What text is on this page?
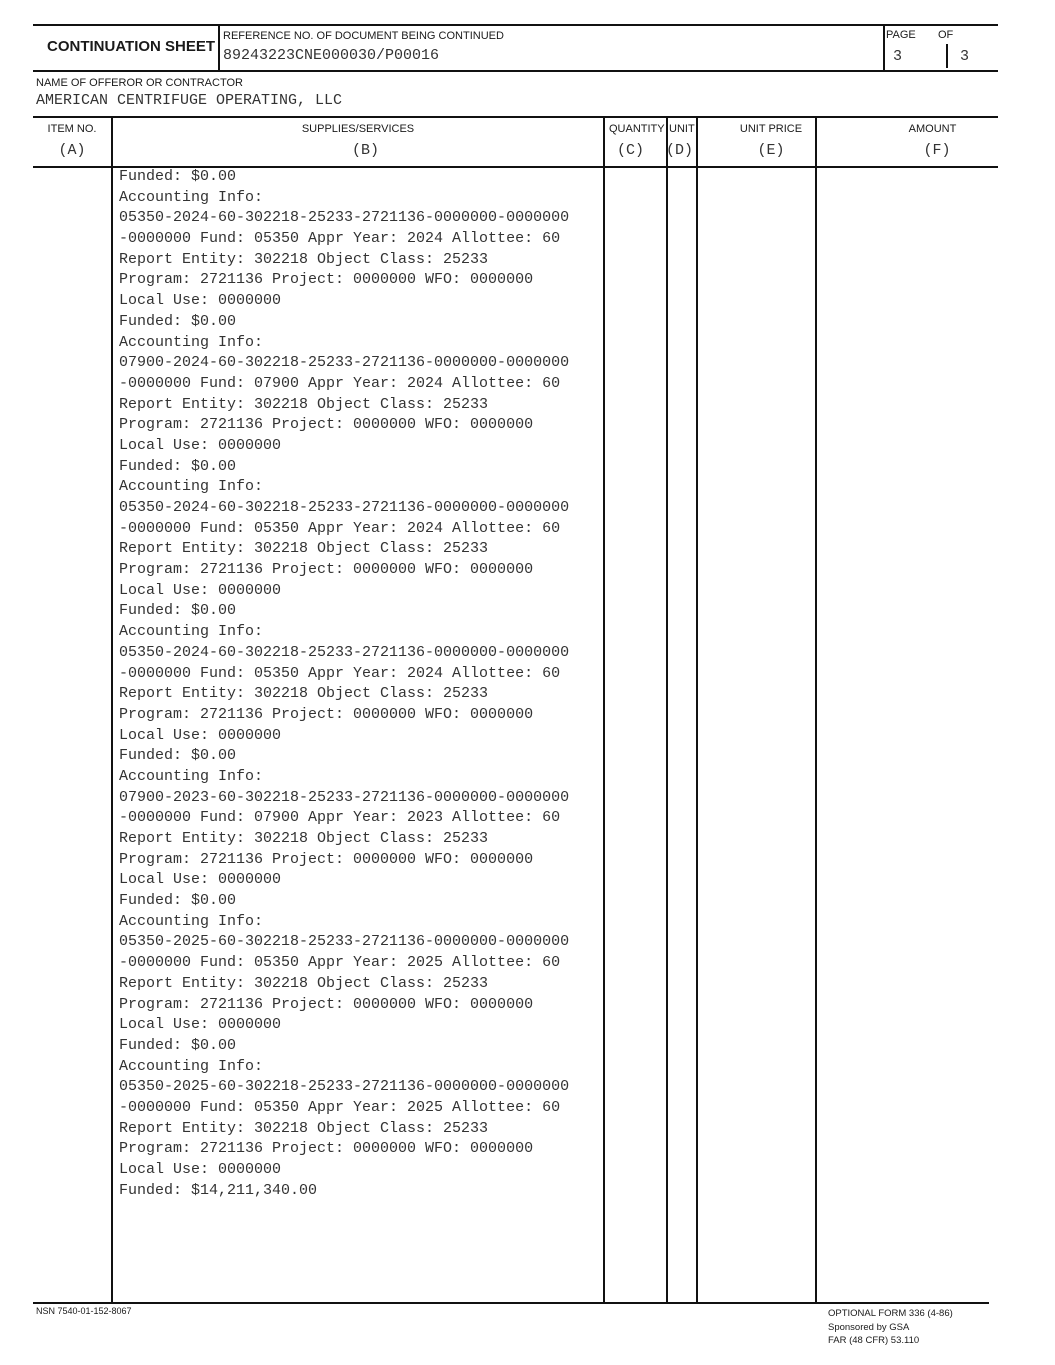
CONTINUATION SHEET
REFERENCE NO. OF DOCUMENT BEING CONTINUED
89243223CNE000030/P00016
PAGE OF
3	3
NAME OF OFFEROR OR CONTRACTOR
AMERICAN CENTRIFUGE OPERATING, LLC
ITEM NO.
(A)
SUPPLIES/SERVICES
(B)
QUANTITY
(C)
UNIT
(D)
UNIT PRICE
(E)
AMOUNT
(F)
Funded: $0.00
Accounting Info:
05350-2024-60-302218-25233-2721136-0000000-0000000
-0000000 Fund: 05350 Appr Year: 2024 Allottee: 60
Report Entity: 302218 Object Class: 25233
Program: 2721136 Project: 0000000 WFO: 0000000
Local Use: 0000000
Funded: $0.00
Accounting Info:
07900-2024-60-302218-25233-2721136-0000000-0000000
-0000000 Fund: 07900 Appr Year: 2024 Allottee: 60
Report Entity: 302218 Object Class: 25233
Program: 2721136 Project: 0000000 WFO: 0000000
Local Use: 0000000
Funded: $0.00
Accounting Info:
05350-2024-60-302218-25233-2721136-0000000-0000000
-0000000 Fund: 05350 Appr Year: 2024 Allottee: 60
Report Entity: 302218 Object Class: 25233
Program: 2721136 Project: 0000000 WFO: 0000000
Local Use: 0000000
Funded: $0.00
Accounting Info:
05350-2024-60-302218-25233-2721136-0000000-0000000
-0000000 Fund: 05350 Appr Year: 2024 Allottee: 60
Report Entity: 302218 Object Class: 25233
Program: 2721136 Project: 0000000 WFO: 0000000
Local Use: 0000000
Funded: $0.00
Accounting Info:
07900-2023-60-302218-25233-2721136-0000000-0000000
-0000000 Fund: 07900 Appr Year: 2023 Allottee: 60
Report Entity: 302218 Object Class: 25233
Program: 2721136 Project: 0000000 WFO: 0000000
Local Use: 0000000
Funded: $0.00
Accounting Info:
05350-2025-60-302218-25233-2721136-0000000-0000000
-0000000 Fund: 05350 Appr Year: 2025 Allottee: 60
Report Entity: 302218 Object Class: 25233
Program: 2721136 Project: 0000000 WFO: 0000000
Local Use: 0000000
Funded: $0.00
Accounting Info:
05350-2025-60-302218-25233-2721136-0000000-0000000
-0000000 Fund: 05350 Appr Year: 2025 Allottee: 60
Report Entity: 302218 Object Class: 25233
Program: 2721136 Project: 0000000 WFO: 0000000
Local Use: 0000000
Funded: $14,211,340.00
NSN 7540-01-152-8067	OPTIONAL FORM 336 (4-86)
Sponsored by GSA
FAR (48 CFR) 53.110
